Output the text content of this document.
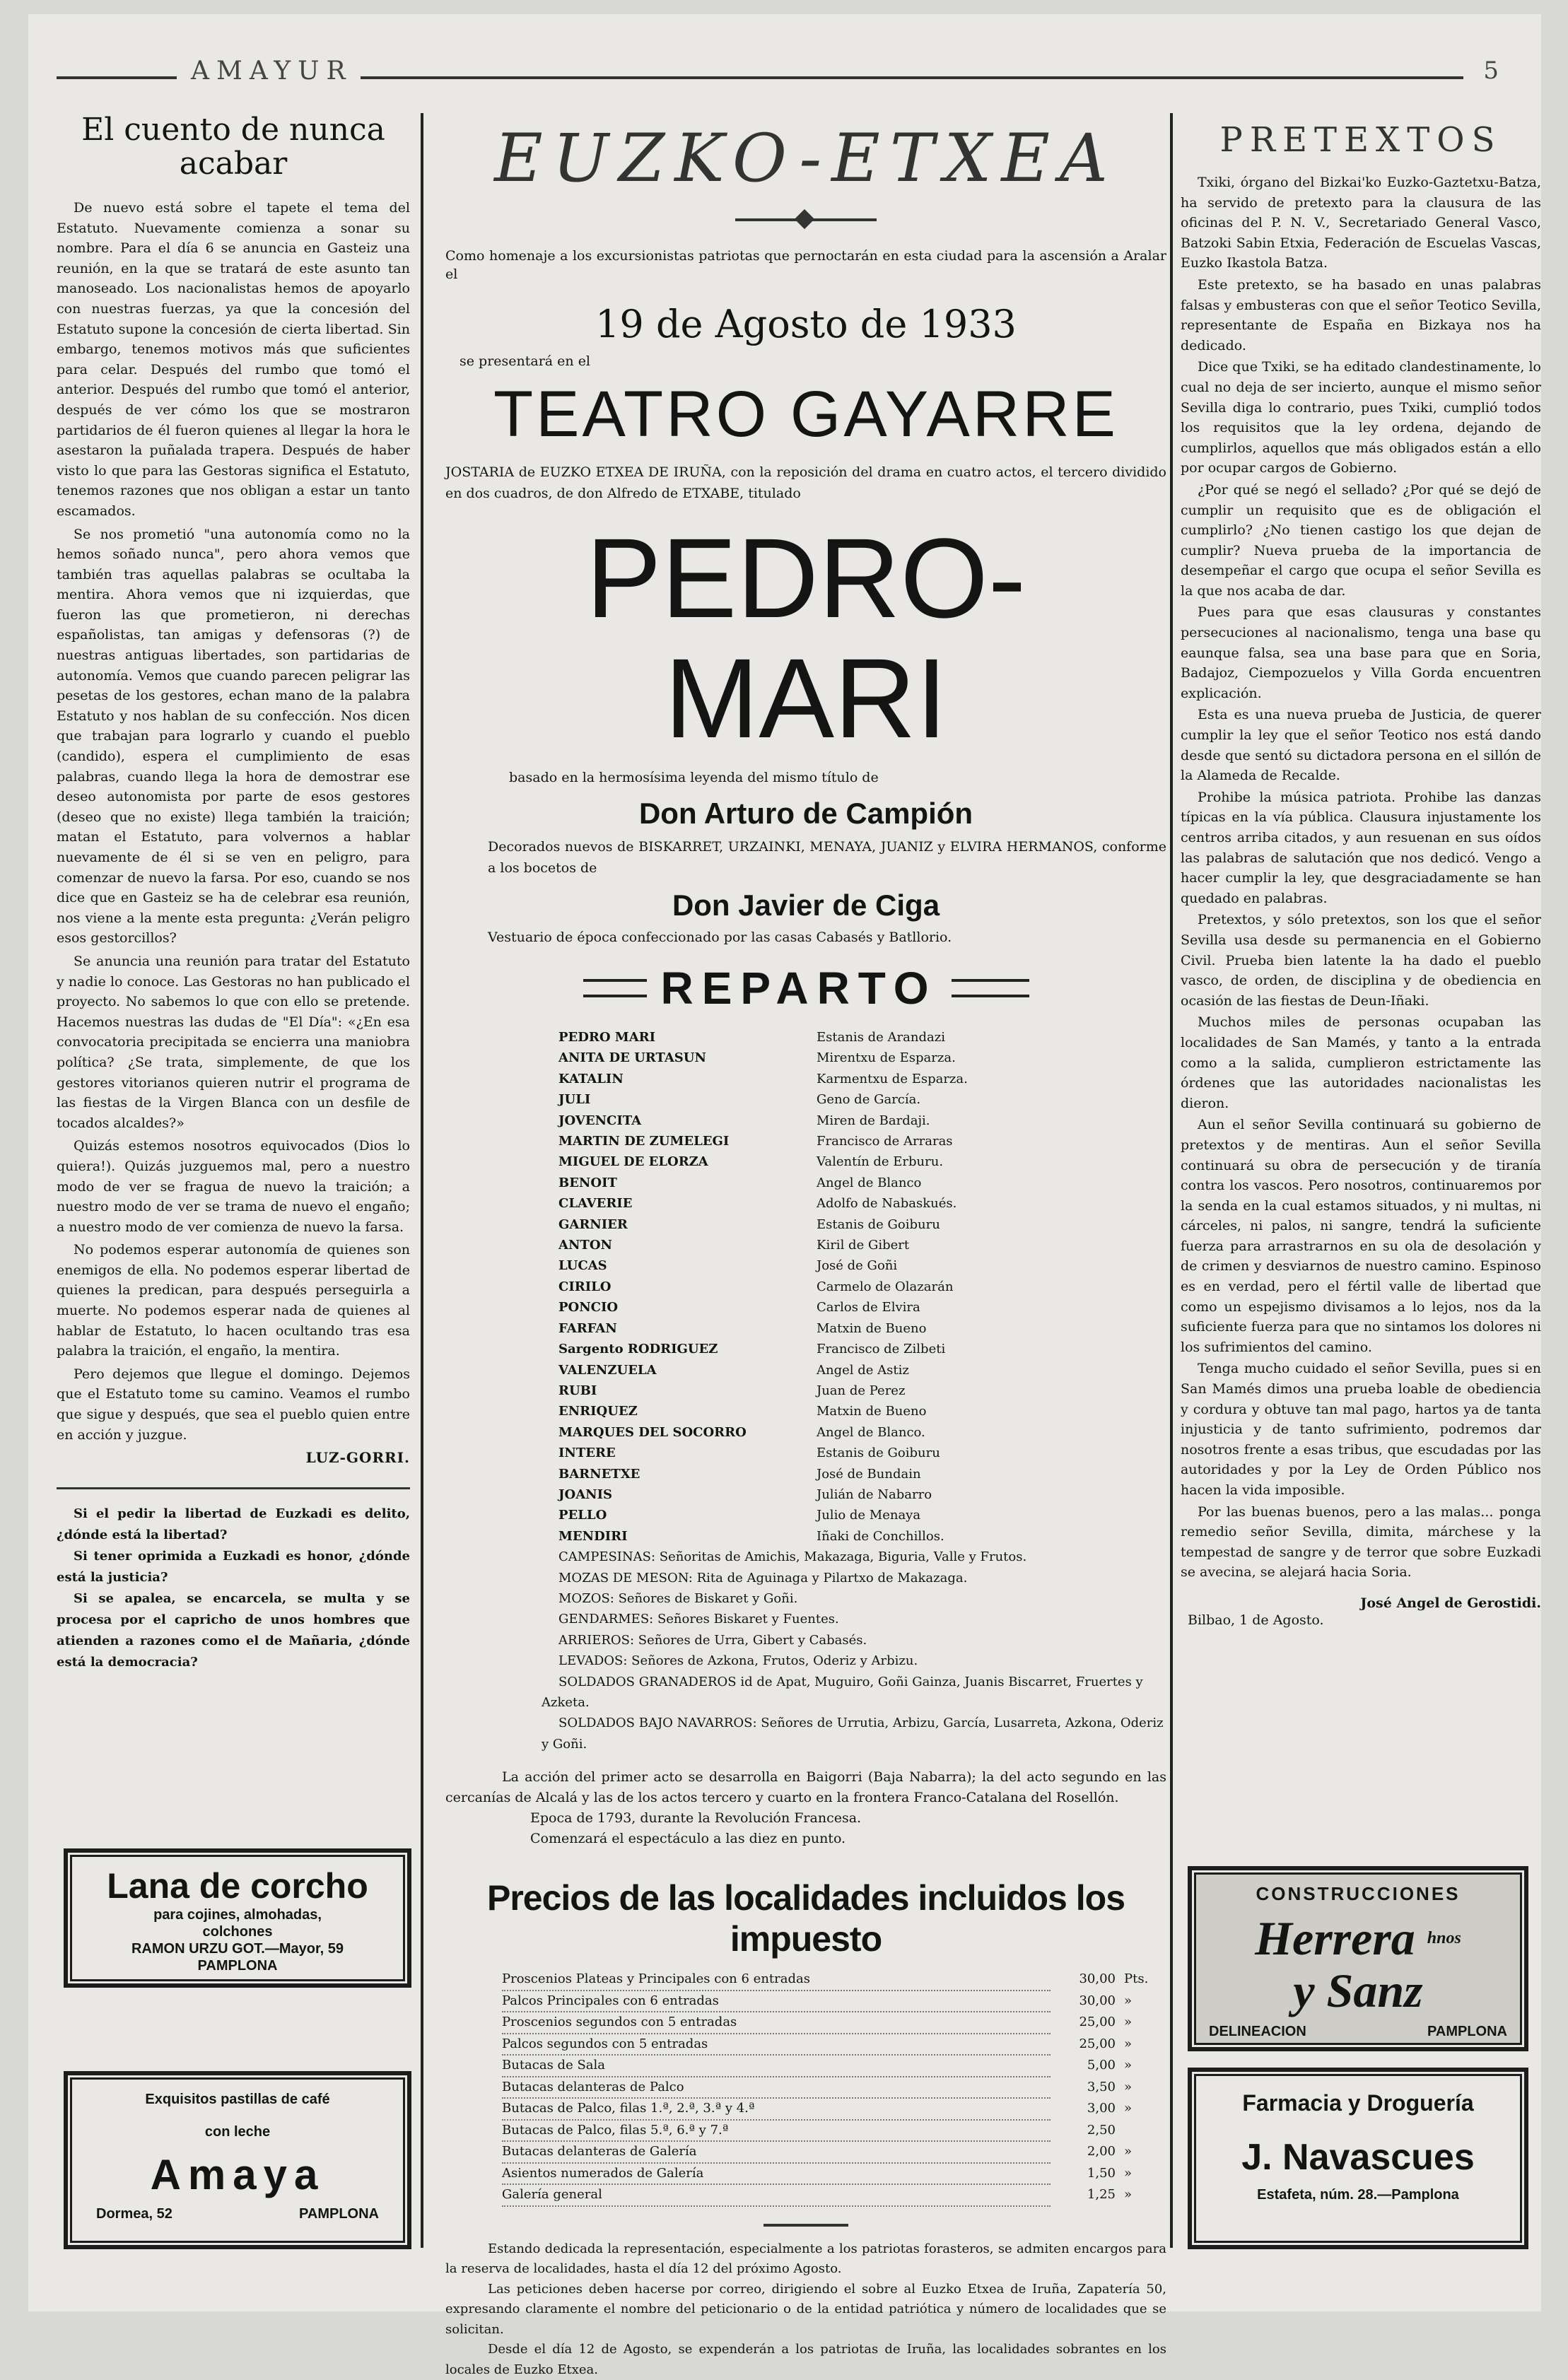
AMAYUR	5
El cuento de nunca acabar

De nuevo está sobre el tapete el tema del Estatuto. Nuevamente comienza a sonar su nombre. Para el día 6 se anuncia en Gasteiz una reunión, en la que se tratará de este asunto tan manoseado. Los nacionalistas hemos de apoyarlo con nuestras fuerzas, ya que la concesión del Estatuto supone la concesión de cierta libertad. Sin embargo, tenemos motivos más que suficientes para celar. Después del rumbo que tomó el anterior. Después del rumbo que tomó el anterior, después de ver cómo los que se mostraron partidarios de él fueron quienes al llegar la hora le asestaron la puñalada trapera. Después de haber visto lo que para las Gestoras significa el Estatuto, tenemos razones que nos obligan a estar un tanto escamados.

Se nos prometió "una autonomía como no la hemos soñado nunca", pero ahora vemos que también tras aquellas palabras se ocultaba la mentira. Ahora vemos que ni izquierdas, que fueron las que prometieron, ni derechas españolistas, tan amigas y defensoras (?) de nuestras antiguas libertades, son partidarias de autonomía. Vemos que cuando parecen peligrar las pesetas de los gestores, echan mano de la palabra Estatuto y nos hablan de su confección. Nos dicen que trabajan para lograrlo y cuando el pueblo (candido), espera el cumplimiento de esas palabras, cuando llega la hora de demostrar ese deseo autonomista por parte de esos gestores (deseo que no existe) llega también la traición; matan el Estatuto, para volvernos a hablar nuevamente de él si se ven en peligro, para comenzar de nuevo la farsa. Por eso, cuando se nos dice que en Gasteiz se ha de celebrar esa reunión, nos viene a la mente esta pregunta: ¿Verán peligro esos gestorcillos?

Se anuncia una reunión para tratar del Estatuto y nadie lo conoce. Las Gestoras no han publicado el proyecto. No sabemos lo que con ello se pretende. Hacemos nuestras las dudas de "El Día": «¿En esa convocatoria precipitada se encierra una maniobra política? ¿Se trata, simplemente, de que los gestores vitorianos quieren nutrir el programa de las fiestas de la Virgen Blanca con un desfile de tocados alcaldes?»

Quizás estemos nosotros equivocados (Dios lo quiera!). Quizás juzguemos mal, pero a nuestro modo de ver se fragua de nuevo la traición; a nuestro modo de ver se trama de nuevo el engaño; a nuestro modo de ver comienza de nuevo la farsa.

No podemos esperar autonomía de quienes son enemigos de ella. No podemos esperar libertad de quienes la predican, para después perseguirla a muerte. No podemos esperar nada de quienes al hablar de Estatuto, lo hacen ocultando tras esa palabra la traición, el engaño, la mentira.

Pero dejemos que llegue el domingo. Dejemos que el Estatuto tome su camino. Veamos el rumbo que sigue y después, que sea el pueblo quien entre en acción y juzgue.

LUZ-GORRI.

Si el pedir la libertad de Euzkadi es delito, ¿dónde está la libertad?

Si tener oprimida a Euzkadi es honor, ¿dónde está la justicia?

Si se apalea, se encarcela, se multa y se procesa por el capricho de unos hombres que atienden a razones como el de Mañaria, ¿dónde está la democracia?

Lana de corcho
para cojines, almohadas,
colchones
RAMON URZU GOT.—Mayor, 59
PAMPLONA
Exquisitos pastillas de café
con leche
Amaya
Dormea, 52	PAMPLONA
EUZKO-ETXEA
Como homenaje a los excursionistas patriotas que pernoctarán en esta ciudad para la ascensión a Aralar el
19 de Agosto de 1933
se presentará en el
TEATRO GAYARRE
JOSTARIA de EUZKO ETXEA DE IRUÑA, con la reposición del drama en cuatro actos, el tercero dividido en dos cuadros, de don Alfredo de ETXABE, titulado
PEDRO-MARI
basado en la hermosísima leyenda del mismo título de
Don Arturo de Campión
Decorados nuevos de BISKARRET, URZAINKI, MENAYA, JUANIZ y ELVIRA HERMANOS, conforme a los bocetos de
Don Javier de Ciga
Vestuario de época confeccionado por las casas Cabasés y Batllorio.
REPARTO
PEDRO MARI	Estanis de Arandazi
ANITA DE URTASUN	Mirentxu de Esparza.
KATALIN	Karmentxu de Esparza.
JULI	Geno de García.
JOVENCITA	Miren de Bardaji.
MARTIN DE ZUMELEGI	Francisco de Arraras
MIGUEL DE ELORZA	Valentín de Erburu.
BENOIT	Angel de Blanco
CLAVERIE	Adolfo de Nabaskués.
GARNIER	Estanis de Goiburu
ANTON	Kiril de Gibert
LUCAS	José de Goñi
CIRILO	Carmelo de Olazarán
PONCIO	Carlos de Elvira
FARFAN	Matxin de Bueno
Sargento RODRIGUEZ	Francisco de Zilbeti
VALENZUELA	Angel de Astiz
RUBI	Juan de Perez
ENRIQUEZ	Matxin de Bueno
MARQUES DEL SOCORRO	Angel de Blanco.
INTERE	Estanis de Goiburu
BARNETXE	José de Bundain
JOANIS	Julián de Nabarro
PELLO	Julio de Menaya
MENDIRI	Iñaki de Conchillos.
CAMPESINAS: Señoritas de Amichis, Makazaga, Biguria, Valle y Frutos.
MOZAS DE MESON: Rita de Aguinaga y Pilartxo de Makazaga.
MOZOS: Señores de Biskaret y Goñi.
GENDARMES: Señores Biskaret y Fuentes.
ARRIEROS: Señores de Urra, Gibert y Cabasés.
LEVADOS: Señores de Azkona, Frutos, Oderiz y Arbizu.
SOLDADOS GRANADEROS id de Apat, Muguiro, Goñi Gainza, Juanis Biscarret, Fruertes y Azketa.
SOLDADOS BAJO NAVARROS: Señores de Urrutia, Arbizu, García, Lusarreta, Azkona, Oderiz y Goñi.
La acción del primer acto se desarrolla en Baigorri (Baja Nabarra); la del acto segundo en las cercanías de Alcalá y las de los actos tercero y cuarto en la frontera Franco-Catalana del Rosellón.
Epoca de 1793, durante la Revolución Francesa.
Comenzará el espectáculo a las diez en punto.
Precios de las localidades incluidos los impuesto
Proscenios Plateas y Principales con 6 entradas	30,00 Pts.
Palcos Principales con 6 entradas	30,00 »
Proscenios segundos con 5 entradas	25,00 »
Palcos segundos con 5 entradas	25,00 »
Butacas de Sala	5,00 »
Butacas delanteras de Palco	3,50 »
Butacas de Palco, filas 1.ª, 2.ª, 3.ª y 4.ª	3,00 »
Butacas de Palco, filas 5.ª, 6.ª y 7.ª	2,50
Butacas delanteras de Galería	2,00 »
Asientos numerados de Galería	1,50 »
Galería general	1,25 »
Estando dedicada la representación, especialmente a los patriotas forasteros, se admiten encargos para la reserva de localidades, hasta el día 12 del próximo Agosto.
Las peticiones deben hacerse por correo, dirigiendo el sobre al Euzko Etxea de Iruña, Zapatería 50, expresando claramente el nombre del peticionario o de la entidad patriótica y número de localidades que se solicitan.
Desde el día 12 de Agosto, se expenderán a los patriotas de Iruña, las localidades sobrantes en los locales de Euzko Etxea.
PRETEXTOS

Txiki, órgano del Bizkai'ko Euzko-Gaztetxu-Batza, ha servido de pretexto para la clausura de las oficinas del P. N. V., Secretariado General Vasco, Batzoki Sabin Etxia, Federación de Escuelas Vascas, Euzko Ikastola Batza.

Este pretexto, se ha basado en unas palabras falsas y embusteras con que el señor Teotico Sevilla, representante de España en Bizkaya nos ha dedicado.

Dice que Txiki, se ha editado clandestinamente, lo cual no deja de ser incierto, aunque el mismo señor Sevilla diga lo contrario, pues Txiki, cumplió todos los requisitos que la ley ordena, dejando de cumplirlos, aquellos que más obligados están a ello por ocupar cargos de Gobierno.

¿Por qué se negó el sellado? ¿Por qué se dejó de cumplir un requisito que es de obligación el cumplirlo? ¿No tienen castigo los que dejan de cumplir? Nueva prueba de la importancia de desempeñar el cargo que ocupa el señor Sevilla es la que nos acaba de dar.

Pues para que esas clausuras y constantes persecuciones al nacionalismo, tenga una base qu eaunque falsa, sea una base para que en Soria, Badajoz, Ciempozuelos y Villa Gorda encuentren explicación.

Esta es una nueva prueba de Justicia, de querer cumplir la ley que el señor Teotico nos está dando desde que sentó su dictadora persona en el sillón de la Alameda de Recalde.

Prohibe la música patriota. Prohibe las danzas típicas en la vía pública. Clausura injustamente los centros arriba citados, y aun resuenan en sus oídos las palabras de salutación que nos dedicó. Vengo a hacer cumplir la ley, que desgraciadamente se han quedado en palabras.

Pretextos, y sólo pretextos, son los que el señor Sevilla usa desde su permanencia en el Gobierno Civil. Prueba bien latente la ha dado el pueblo vasco, de orden, de disciplina y de obediencia en ocasión de las fiestas de Deun-Iñaki.

Muchos miles de personas ocupaban las localidades de San Mamés, y tanto a la entrada como a la salida, cumplieron estrictamente las órdenes que las autoridades nacionalistas les dieron.

Aun el señor Sevilla continuará su gobierno de pretextos y de mentiras. Aun el señor Sevilla continuará su obra de persecución y de tiranía contra los vascos. Pero nosotros, continuaremos por la senda en la cual estamos situados, y ni multas, ni cárceles, ni palos, ni sangre, tendrá la suficiente fuerza para arrastrarnos en su ola de desolación y de crimen y desviarnos de nuestro camino. Espinoso es en verdad, pero el fértil valle de libertad que como un espejismo divisamos a lo lejos, nos da la suficiente fuerza para que no sintamos los dolores ni los sufrimientos del camino.

Tenga mucho cuidado el señor Sevilla, pues si en San Mamés dimos una prueba loable de obediencia y cordura y obtuve tan mal pago, hartos ya de tanta injusticia y de tanto sufrimiento, podremos dar nosotros frente a esas tribus, que escudadas por las autoridades y por la Ley de Orden Público nos hacen la vida imposible.

Por las buenas buenos, pero a las malas... ponga remedio señor Sevilla, dimita, márchese y la tempestad de sangre y de terror que sobre Euzkadi se avecina, se alejará hacia Soria.

José Angel de Gerostidi.
Bilbao, 1 de Agosto.
CONSTRUCCIONES
Herrera $^{hnos}$
y Sanz
DELINEACION	PAMPLONA
Farmacia y Droguería
J. Navascues
Estafeta, núm. 28.—Pamplona
